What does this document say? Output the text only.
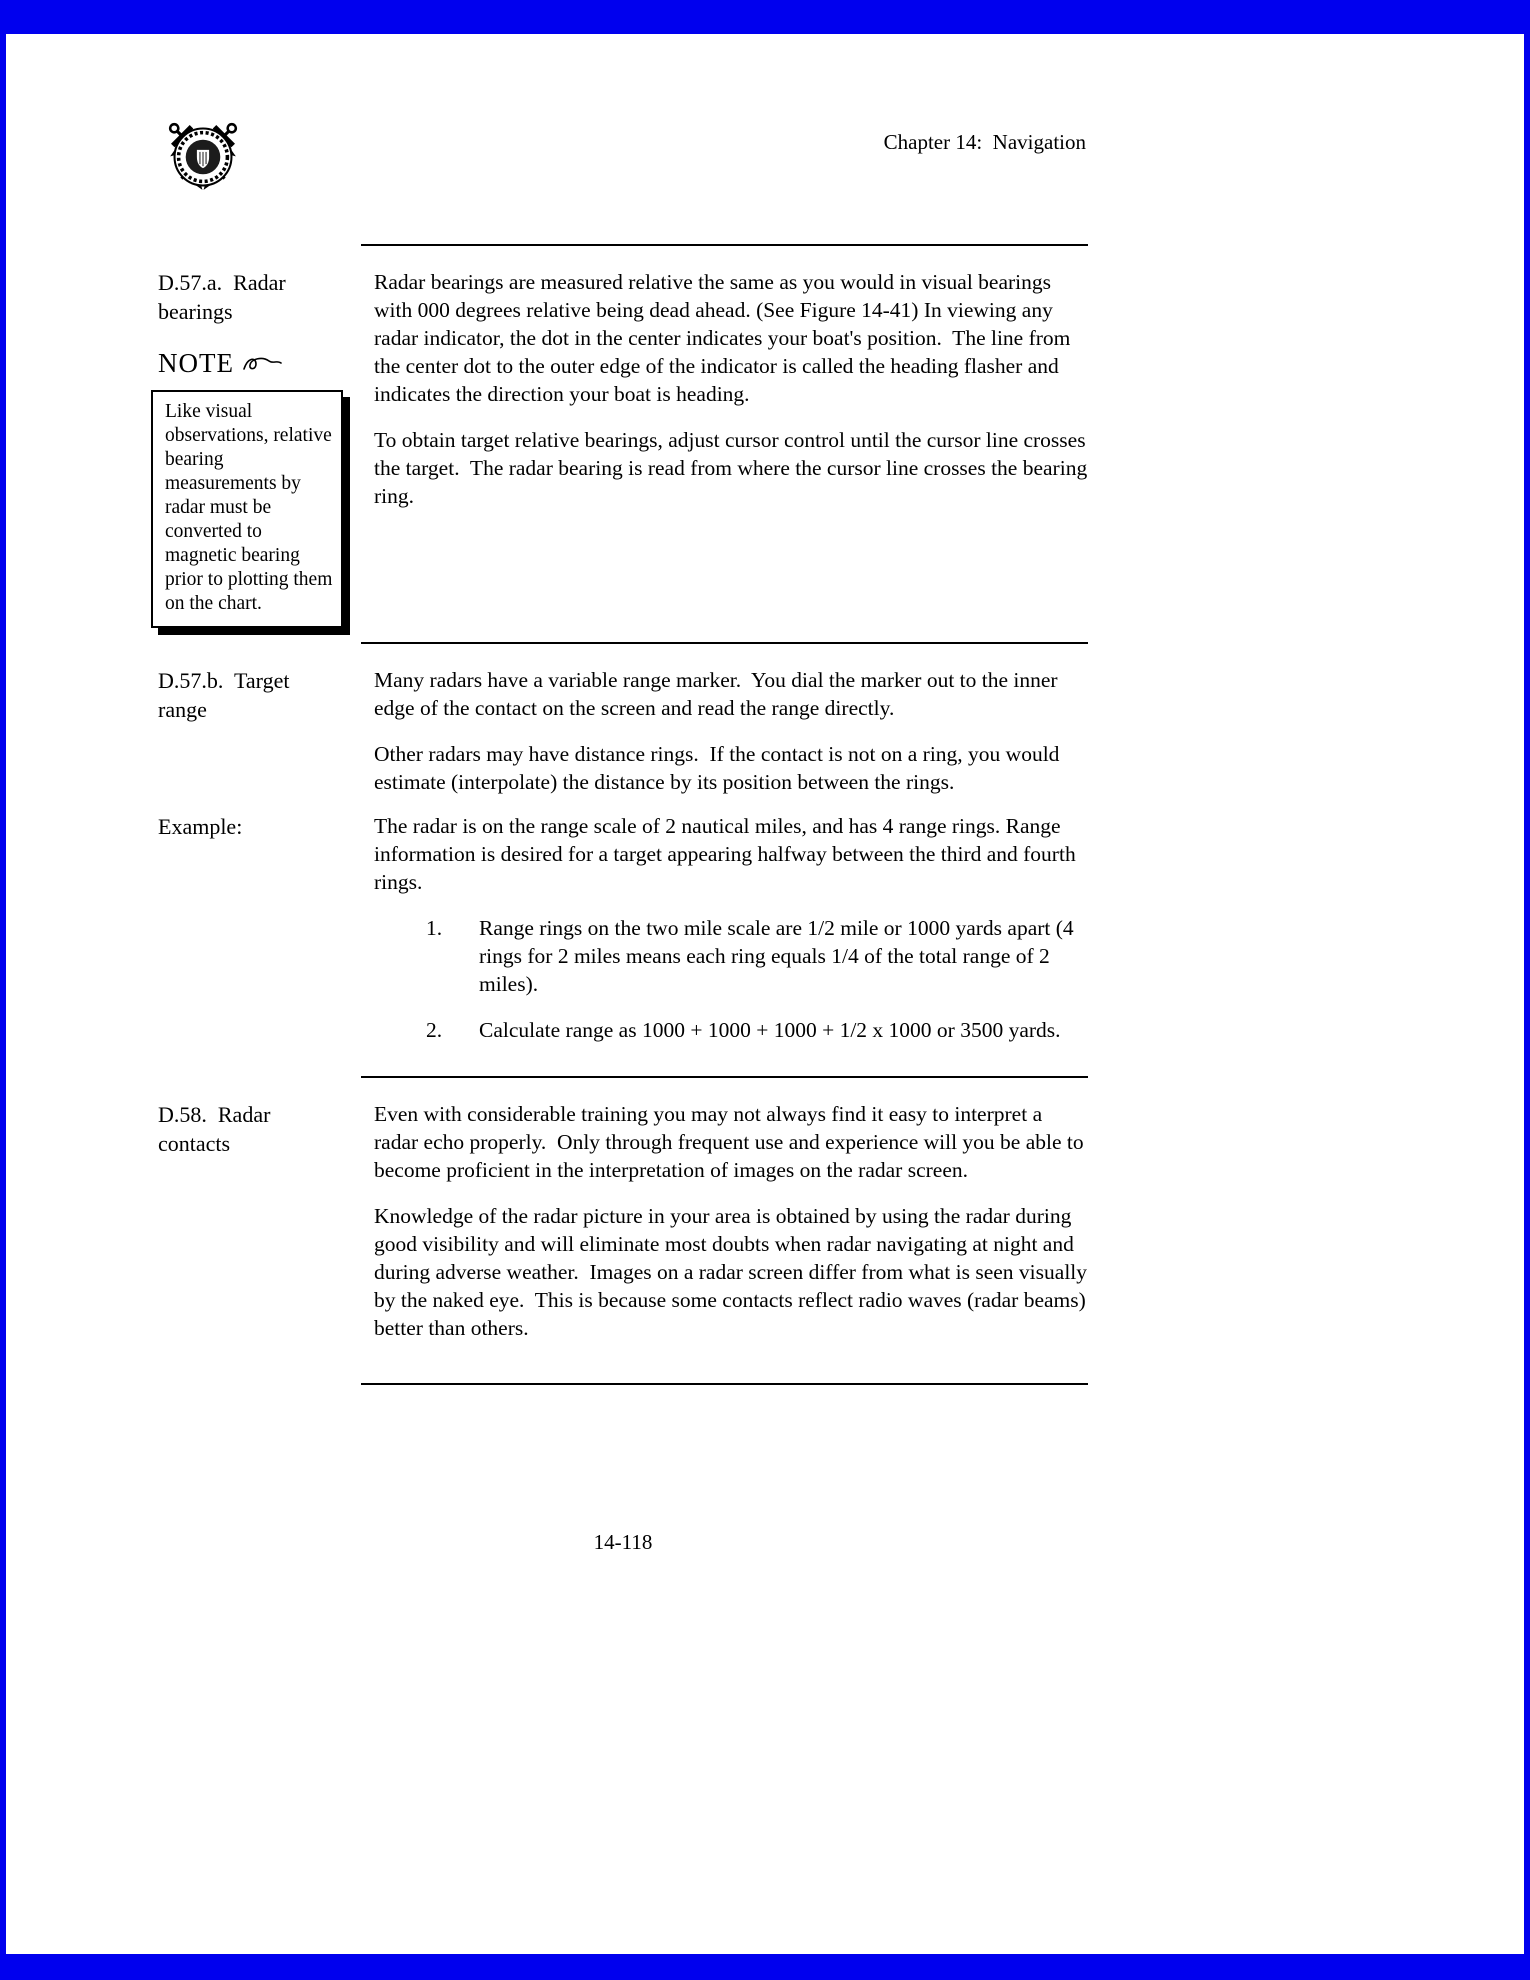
Chapter 14:  Navigation
D.57.a.  Radar bearings
NOTE
Like visual observations, relative bearing measurements by radar must be converted to magnetic bearing prior to plotting them on the chart.

Radar bearings are measured relative the same as you would in visual bearings with 000 degrees relative being dead ahead. (See Figure 14-41) In viewing any radar indicator, the dot in the center indicates your boat's position.  The line from the center dot to the outer edge of the indicator is called the heading flasher and indicates the direction your boat is heading.

To obtain target relative bearings, adjust cursor control until the cursor line crosses the target.  The radar bearing is read from where the cursor line crosses the bearing ring.

D.57.b.  Target range

Many radars have a variable range marker.  You dial the marker out to the inner edge of the contact on the screen and read the range directly.

Other radars may have distance rings.  If the contact is not on a ring, you would estimate (interpolate) the distance by its position between the rings.

Example:	The radar is on the range scale of 2 nautical miles, and has 4 range rings. Range information is desired for a target appearing halfway between the third and fourth rings.

1.	Range rings on the two mile scale are 1/2 mile or 1000 yards apart (4 rings for 2 miles means each ring equals 1/4 of the total range of 2 miles).
2.	Calculate range as 1000 + 1000 + 1000 + 1/2 x 1000 or 3500 yards.
D.58.  Radar contacts

Even with considerable training you may not always find it easy to interpret a radar echo properly.  Only through frequent use and experience will you be able to become proficient in the interpretation of images on the radar screen.

Knowledge of the radar picture in your area is obtained by using the radar during good visibility and will eliminate most doubts when radar navigating at night and during adverse weather.  Images on a radar screen differ from what is seen visually by the naked eye.  This is because some contacts reflect radio waves (radar beams) better than others.

14-118
